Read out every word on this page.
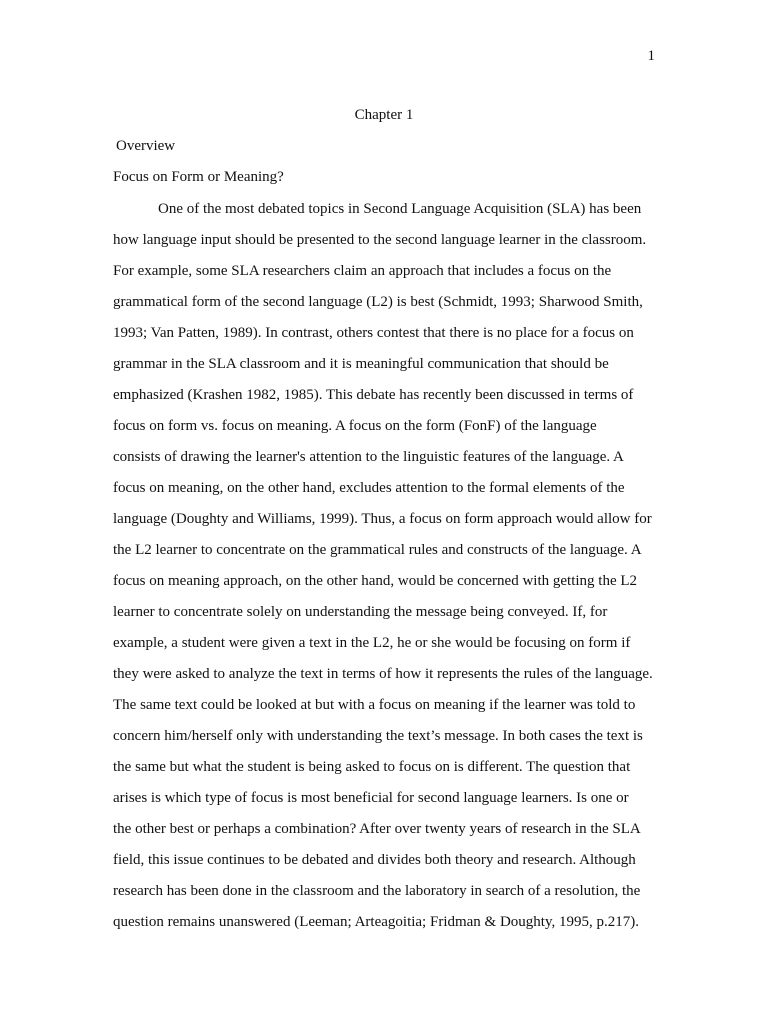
1
Chapter 1
Overview
Focus on Form or Meaning?
One of the most debated topics in Second Language Acquisition (SLA) has been
how language input should be presented to the second language learner in the classroom.
For example, some SLA researchers claim an approach that includes a focus on the
grammatical form of the second language (L2) is best (Schmidt, 1993; Sharwood Smith,
1993; Van Patten, 1989). In contrast, others contest that there is no place for a focus on
grammar in the SLA classroom and it is meaningful communication that should be
emphasized (Krashen 1982, 1985). This debate has recently been discussed in terms of
focus on form vs. focus on meaning. A focus on the form (FonF) of the language
consists of drawing the learner's attention to the linguistic features of the language. A
focus on meaning, on the other hand, excludes attention to the formal elements of the
language (Doughty and Williams, 1999). Thus, a focus on form approach would allow for
the L2 learner to concentrate on the grammatical rules and constructs of the language. A
focus on meaning approach, on the other hand, would be concerned with getting the L2
learner to concentrate solely on understanding the message being conveyed. If, for
example, a student were given a text in the L2, he or she would be focusing on form if
they were asked to analyze the text in terms of how it represents the rules of the language.
The same text could be looked at but with a focus on meaning if the learner was told to
concern him/herself only with understanding the text’s message. In both cases the text is
the same but what the student is being asked to focus on is different. The question that
arises is which type of focus is most beneficial for second language learners. Is one or
the other best or perhaps a combination? After over twenty years of research in the SLA
field, this issue continues to be debated and divides both theory and research. Although
research has been done in the classroom and the laboratory in search of a resolution, the
question remains unanswered (Leeman; Arteagoitia; Fridman & Doughty, 1995, p.217).
